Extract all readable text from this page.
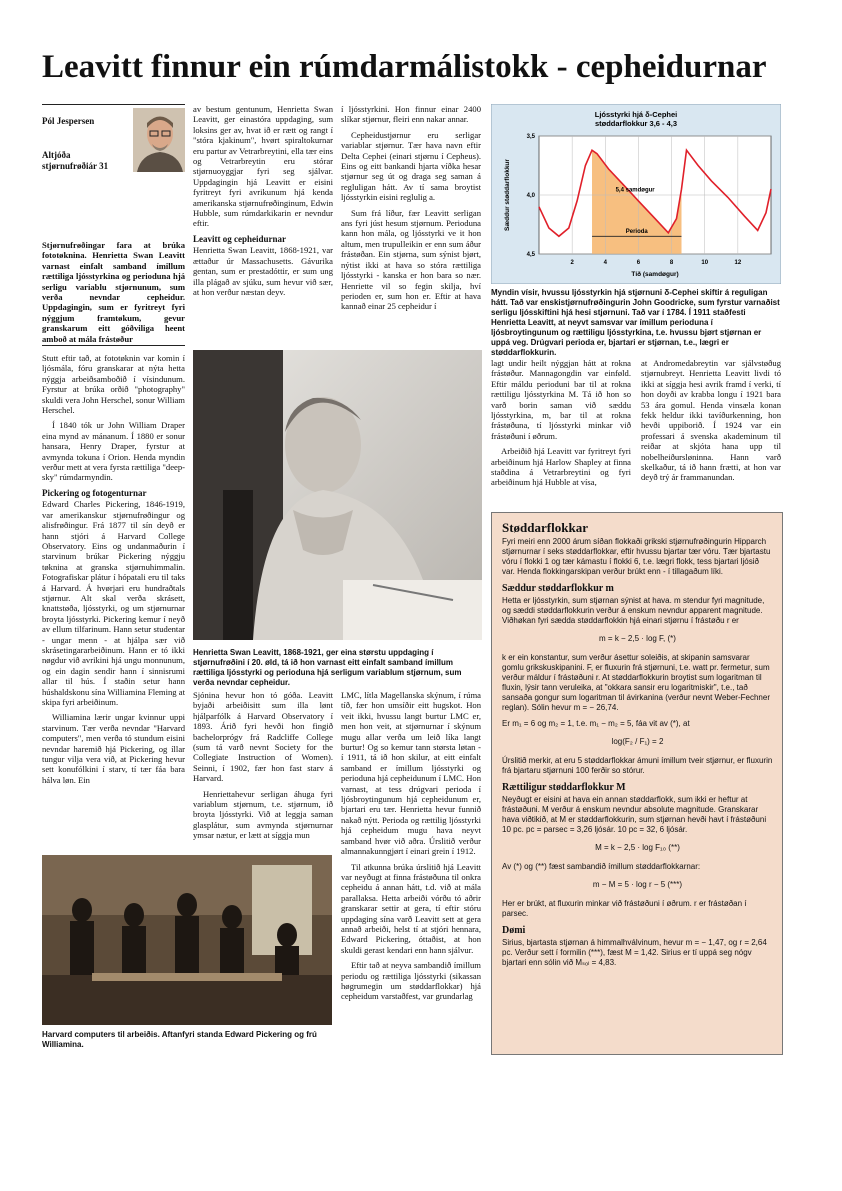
Leavitt finnur ein rúmdarmálistokk - cepheidurnar
Pól Jespersen
Altjóða
stjørnufrøðiár 31
Stjørnufrøðingar fara at brúka fototøknina. Henrietta Swan Leavitt varnast einfalt samband ímillum rættiliga ljósstyrkina og perioduna hjá serligu variablu stjørnunum, sum verða nevndar cepheidur. Uppdagingin, sum er fyritreyt fyri nýggjum framtøkum, gevur granskarum eitt góðviliga heent amboð at mála frástøður

Stutt eftir tað, at fototøknin var komin í ljósmála, fóru granskarar at nýta hetta nýggja arbeiðsamboðið í vísindunum. Fyrstur at brúka orðið "photography" skuldi vera John Herschel, sonur William Herschel.

Í 1840 tók ur John William Draper eina mynd av mánanum. Í 1880 er sonur hansara, Henry Draper, fyrstur at avmynda tokuna í Orion. Henda myndin verður mett at vera fyrsta rættiliga "deep-sky" rúmdarmyndin.

Pickering og fotogenturnar

Edward Charles Pickering, 1846-1919, var amerikanskur stjørnufrøðingur og alisfrøðingur. Frá 1877 til sín deyð er hann stjóri á Harvard College Observatory. Eins og undanmaðurin í starvinum brúkar Pickering nýggju tøknina at granska stjørnuhimmalin. Fotografiskar plátur í hópatali eru til taks á Harvard. Á hvørjari eru hundraðtals stjørnur. Alt skal verða skrásett, knattstøða, ljósstyrki, og um stjørnurnar broyta ljósstyrki. Pickering kemur í neyð av ellum tilfarinum. Hann setur studentar - ungar menn - at hjálpa sær við skrásetingararbeiðinum. Hann er tó ikki nøgdur við avrikini hjá ungu monnunum, og ein dagin sendir hann í sinnisrumi allar til hús. Í staðin setur hann húshaldskonu sína Williamina Fleming at skipa fyri arbeiðinum.

Williamina lærir ungar kvinnur uppi starvinum. Tær verða nevndar "Harvard computers", men verða tó stundum eisini nevndar haremið hjá Pickering, og íllar tungur vilja vera við, at Pickering hevur sett konufólkini í starv, tí tær fáa bara hálva løn. Ein

av bestum gentunum, Henrietta Swan Leavitt, ger einastóra uppdaging, sum loksins ger av, hvat ið er rætt og rangt í "stóra kjakinum", hvørt spiraltokurnar eru partur av Vetrarbreytini, ella tær eins og Vetrarbreytin eru stórar stjørnuoyggjar fyri seg sjálvar. Uppdagingin hjá Leavitt er eisini fyritreyt fyri avrikunum hjá kenda amerikanska stjørnufrøðinginum, Edwin Hubble, sum rúmdarkikarin er nevndur eftir.

Leavitt og cepheidurnar

Henrietta Swan Leavitt, 1868-1921, var ættaður úr Massachusetts. Gávurika gentan, sum er prestadóttir, er sum ung illa plágað av sjúku, sum hevur við sær, at hon verður næstan deyv.

í ljósstyrkini. Hon finnur einar 2400 slíkar stjørnur, fleiri enn nakar annar.

Cepheidustjørnur eru serligar variablar stjørnur. Tær hava navn eftir Delta Cephei (einari stjørnu í Cepheus). Eins og eitt bankandi hjarta víðka hesar stjørnur seg út og draga seg saman á regluligan hátt. Av tí sama broytist ljósstyrkin eisini reglulig a.

Sum frá líður, fær Leavitt serligan ans fyri júst hesum stjørnum. Perioduna kann hon mála, og ljósstyrki ve it hon altum, men trupulleikin er enn sum áður frástøðan. Ein stjørna, sum sýnist bjørt, nýtist ikki at hava so stóra rættiliga ljósstyrki - kanska er hon bara so nær. Henriette vil so fegin skilja, hví perioden er, sum hon er. Eftir at hava kannað einar 25 cepheidur í

2	4	6	8	10	12
3,5
4,0
4,5
Ljósstyrki hjá δ-Cephei
støddarflokkur 3,6 - 4,3
Tíð (samdøgur)
Sæddur støddarflokkur	5,4 samdøgur
Perioda
Myndin vísir, hvussu ljósstyrkin hjá stjørnuni δ-Cephei skiftir á reguligan hátt. Tað var enskistjørnufrøðingurin John Goodricke, sum fyrstur varnaðist serligu ljósskiftini hjá hesi stjørnuni. Tað var í 1784. Í 1911 staðfesti Henrietta Leavitt, at neyvt samsvar var ímillum perioduna í ljósbroytingunum og rættiligu ljósstyrkina, t.e. hvussu bjørt stjørnan er uppá veg. Drúgvari perioda er, bjartari er stjørnan, t.e., lægri er støddarflokkurin.
Henrietta Swan Leavitt, 1868-1921, ger eina størstu uppdaging í stjørnufrøðini í 20. øld, tá ið hon varnast eitt einfalt samband ímillum rættiliga ljósstyrki og perioduna hjá serligum variablum stjørnum, sum verða nevndar cepheidur.

lagt undir heilt nýggjan hátt at rokna frástøður. Mannagongdin var einføld. Eftir máldu perioduni bar til at rokna rættiligu ljósstyrkina M. Tá ið hon so varð borin saman við sæddu ljósstyrkina, m, bar til at rokna frástøðuna, tí ljósstyrki minkar við frástøðuni í øðrum.

Arbeiðið hjá Leavitt var fyritreyt fyri arbeiðinum hjá Harlow Shapley at finna staðdina á Vetrarbreytini og fyri arbeiðinum hjá Hubble at vísa,

at Andromedabreytin var sjálvstøðug stjørnubreyt. Henrietta Leavitt livdi tó ikki at síggja hesi avrik framd í verki, tí hon doyði av krabba longu í 1921 bara 53 ára gomul. Henda vinsæla konan fekk heldur ikki tavíðurkenning, hon hevði uppiborið. Í 1924 var ein professari á svenska akademinum til reiðar at skjóta hana upp til nobelheiðursløninna. Hann varð skelkaður, tá ið hann frætti, at hon var deyð trý ár frammanundan.

Sjónina hevur hon tó góða. Leavitt byjaði arbeiðisitt sum illa lønt hjálparfólk á Harvard Observatory í 1893. Árið fyri hevði hon fingið bachelorprógv frá Radcliffe College (sum tá varð nevnt Society for the Collegiate Instruction of Women). Seinni, í 1902, fær hon fast starv á Harvard.

Henriettahevur serligan áhuga fyri variablum stjørnum, t.e. stjørnum, ið broyta ljósstyrki. Við at leggja saman glasplátur, sum avmynda stjørnurnar ymsar nætur, er lætt at síggja mun

LMC, lítla Magellanska skýnum, í rúma tíð, fær hon umsíðir eitt hugskot. Hon veit ikki, hvussu langt burtur LMC er, men hon veit, at stjørnurnar í skýnum mugu allar verða um leið líka langt burtur! Og so kemur tann størsta løtan - í 1911, tá ið hon skilur, at eitt einfalt samband er ímillum ljósstyrki og perioduna hjá cepheidunum í LMC. Hon varnast, at tess drúgvari perioda í ljósbroytingunum hjá cepheidunum er, bjartari eru tær. Henrietta hevur funnið nakað nýtt. Perioda og rættilig ljósstyrki hjá cepheidum mugu hava neyvt samband hvør við aðra. Úrslitið verður almannakunngjørt í einari grein í 1912.

Til atkunna brúka úrslitið hjá Leavitt var neyðugt at finna frástøðuna til onkra cepheidu á annan hátt, t.d. við at mála parallaksa. Hetta arbeiði vórðu tó aðrir granskarar settir at gera, tí eftir stóru uppdaging sína varð Leavitt sett at gera annað arbeiði, helst tí at stjóri hennara, Edward Pickering, óttaðist, at hon skuldi gerast kendari enn hann sjálvur.

Eftir tað at neyva sambandið ímillum periodu og rættiliga ljósstyrki (sikassan høgrumegin um støddarflokkar) hjá cepheidum varstaðfest, var grundarlag

Harvard computers til arbeiðis. Aftanfyri standa Edward Pickering og frú Williamina.
Støddarflokkar

Fyri meiri enn 2000 árum síðan flokkaði grikski stjørnufrøðingurin Hipparch stjørnurnar í seks støddarflokkar, eftir hvussu bjartar tær vóru. Tær bjartastu vóru í flokki 1 og tær kámastu í flokki 6, t.e. lægri flokk, tess bjartari ljósið var. Henda flokkingarskipan verður brúkt enn - í tillagaðum líki.

Sæddur støddarflokkur m

Hetta er ljósstyrkin, sum stjørnan sýnist at hava. m stendur fyri magnitude, og sæddi støddarflokkurin verður á enskum nevndur apparent magnitude. Viðhøkan fyri sædda støddarflokkin hjá einari stjørnu í frástøðu r er

m = k − 2,5 · log F, (*)

k er ein konstantur, sum verður ásettur soleiðis, at skipanin samsvarar gomlu grikskuskipanini. F, er fluxurin frá stjørnuni, t.e. watt pr. fermetur, sum verður máldur í frástøðuni r. At støddarflokkurin broytist sum logaritman til fluxin, lýsir tann veruleika, at "okkara sansir eru logaritmiskir", t.e., tað sansaða gongur sum logaritman til ávirkanina (verður nevnt Weber-Fechner reglan). Sólin hevur m = − 26,74.

Er m₁ = 6 og m₂ = 1, t.e. m₁ − m₂ = 5, fáa vit av (*), at

log(F₂ / F₁) = 2

Úrslitið merkir, at eru 5 støddarflokkar ámuni ímillum tveir stjørnur, er fluxurin frá bjartaru stjørnuni 100 ferðir so stórur.

Rættiligur støddarflokkur M

Neyðugt er eisini at hava ein annan støddarflokk, sum ikki er heftur at frástøðuni. M verður á enskum nevndur absolute magnitude. Granskarar hava viðtikið, at M er støddarflokkurin, sum stjørnan hevði havt í frástøðuni 10 pc. pc = parsec = 3,26 ljósár. 10 pc = 32, 6 ljósár.

M = k − 2,5 · log F₁₀ (**)

Av (*) og (**) fæst sambandið ímillum støddarflokkarnar:

m − M = 5 · log r − 5 (***)

Her er brúkt, at fluxurin minkar við frástøðuni í øðrum. r er frástøðan í parsec.

Dømi

Sirius, bjartasta stjørnan á himmalhválvinum, hevur m = − 1,47, og r = 2,64 pc. Verður sett í formilin (***), fæst M = 1,42. Sirius er tí uppá seg nógv bjartari enn sólin við Mₛₒₗ = 4,83.
